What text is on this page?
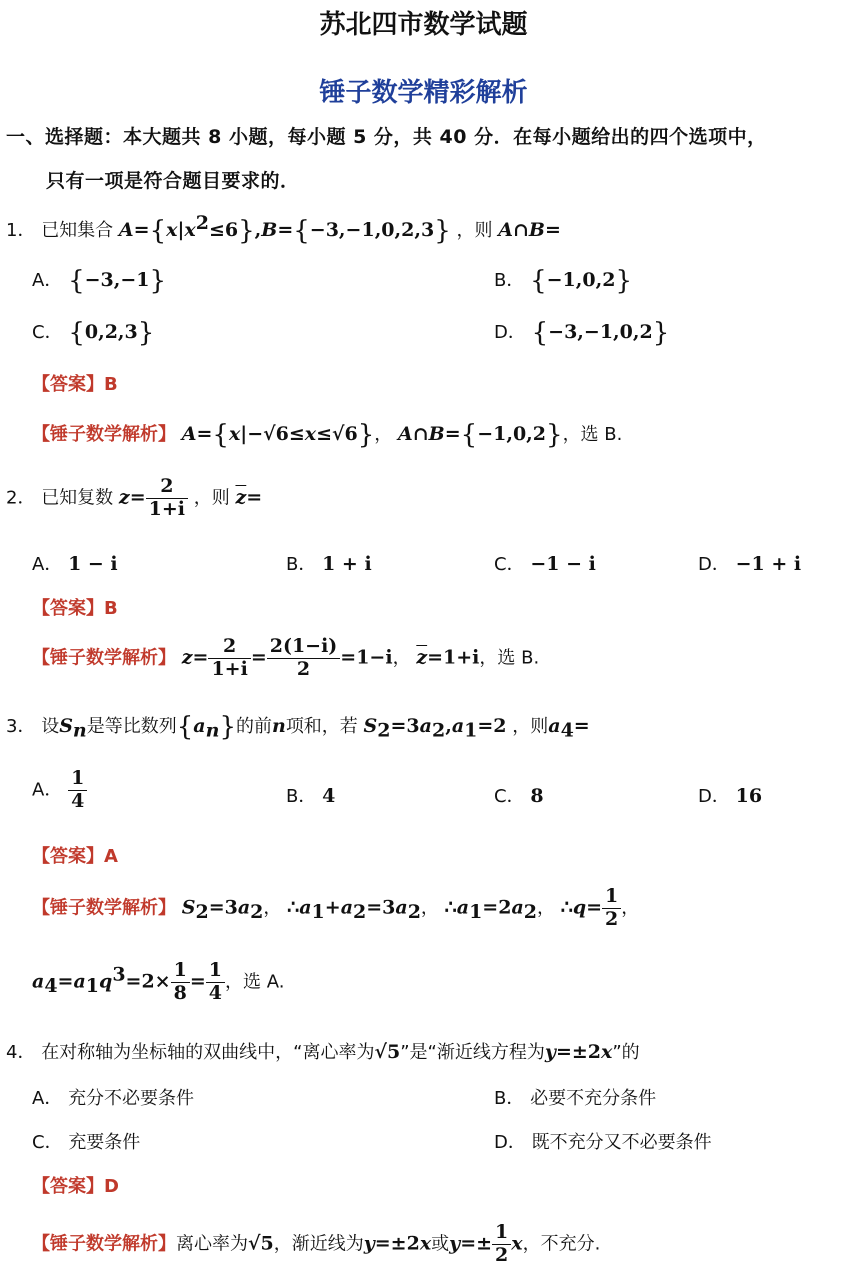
苏北四市数学试题
锤子数学精彩解析
一、选择题：本大题共 8 小题，每小题 5 分，共 40 分．在每小题给出的四个选项中，
只有一项是符合题目要求的．
1． 已知集合 $A=\{x|x^2\le 6\},B=\{-3,-1,0,2,3\}$ ，则 A∩B=
A． {−3,−1}	B． {−1,0,2}
C． {0,2,3}	D． {−3,−1,0,2}
【答案】B
【锤子数学解析】 A={x|−√6≤x≤√6}， A∩B={−1,0,2}，选 B.
2． 已知复数 $z= \frac{2}{1+i}$ ，则 $\overline{z}=$
A． 1 − i	B． 1 + i	C． −1 − i	D． −1 + i
【答案】B
【锤子数学解析】 $z= \frac{2}{1+i} = \frac{2(1-i)}{2} =1-i$， $\overline{z}=1+i$，选 B.
3． 设$S_n$是等比数列$\{a_n\}$的前n项和，若 $S_2=3a_2,a_1=2$ ，则$a_4=$
A． $\frac{1}{4}$	B． 4	C． 8	D． 16
【答案】A
【锤子数学解析】 $S_2=3a_2$， $\therefore a_1+a_2=3a_2$， $\therefore a_1=2a_2$， ∴q= $\frac{1}{2}$ ，
$a_4=a_1q^3=2\times \frac{1}{8} = \frac{1}{4}$ ，选 A.
4． 在对称轴为坐标轴的双曲线中，“离心率为√5”是“渐近线方程为y=±2x”的
A． 充分不必要条件	B． 必要不充分条件
C． 充要条件	D． 既不充分又不必要条件
【答案】D
【锤子数学解析】离心率为√5，渐近线为y=±2x或$y=\pm \frac{1}{2}$ x，不充分.
